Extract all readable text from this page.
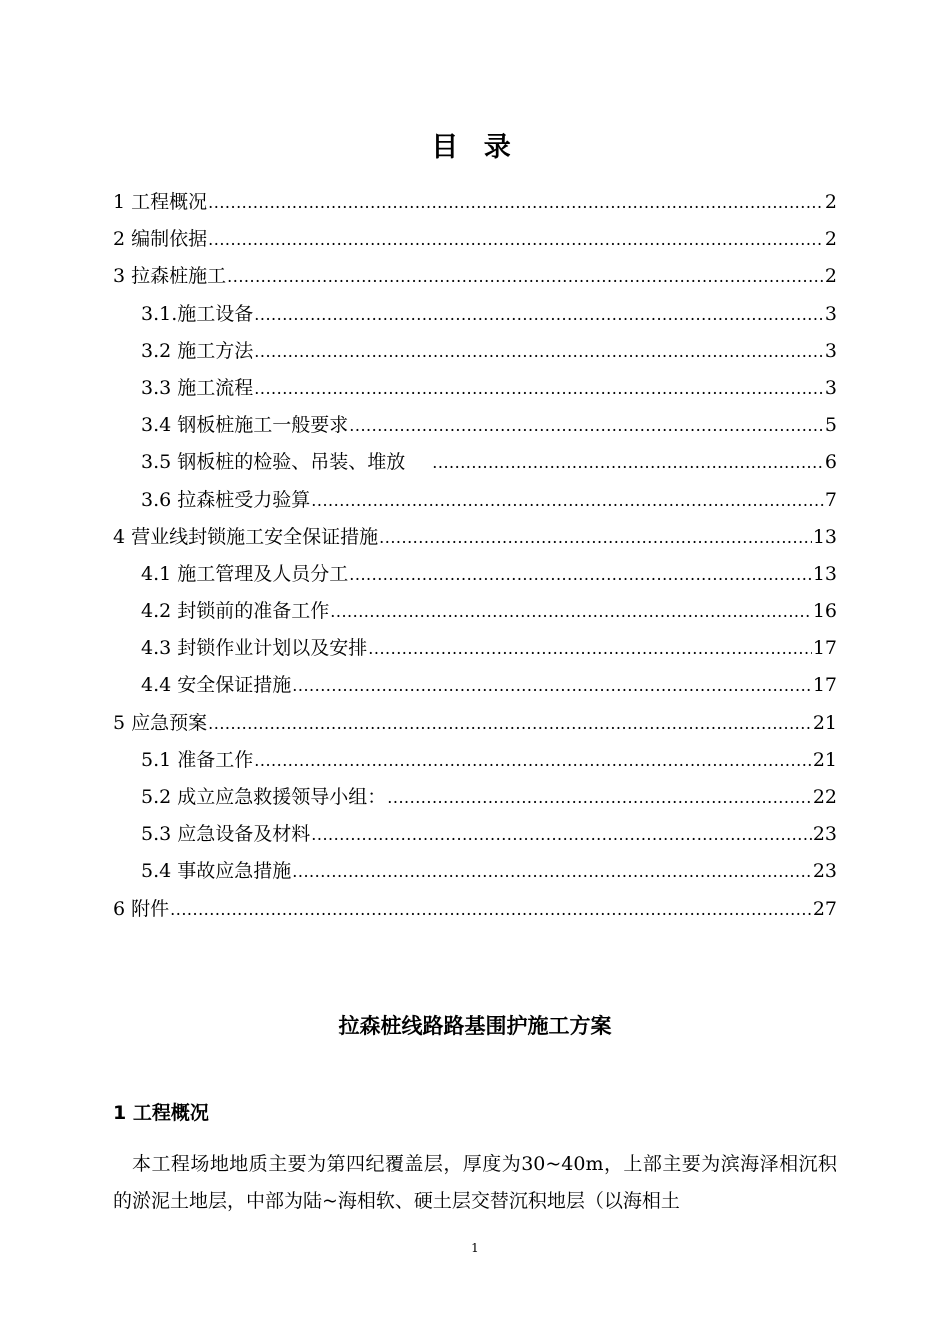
目 录
1 工程概况 .....	2
2 编制依据 .....	2
3 拉森桩施工 .....	2
3.1.施工设备 .....	3
3.2 施工方法 .....	3
3.3 施工流程 .....	3
3.4 钢板桩施工一般要求 .....	5
3.5 钢板桩的检验、吊装、堆放 .....	6
3.6 拉森桩受力验算 .....	7
4 营业线封锁施工安全保证措施 .....	13
4.1 施工管理及人员分工 .....	13
4.2 封锁前的准备工作 .....	16
4.3 封锁作业计划以及安排 .....	17
4.4 安全保证措施 .....	17
5 应急预案 .....	21
5.1 准备工作 .....	21
5.2 成立应急救援领导小组： .....	22
5.3 应急设备及材料 .....	23
5.4 事故应急措施 .....	23
6 附件 .....	27
拉森桩线路路基围护施工方案
1 工程概况
本工程场地地质主要为第四纪覆盖层，厚度为30~40m，上部主要为滨海泽相沉积的淤泥土地层，中部为陆~海相软、硬土层交替沉积地层（以海相土
1
